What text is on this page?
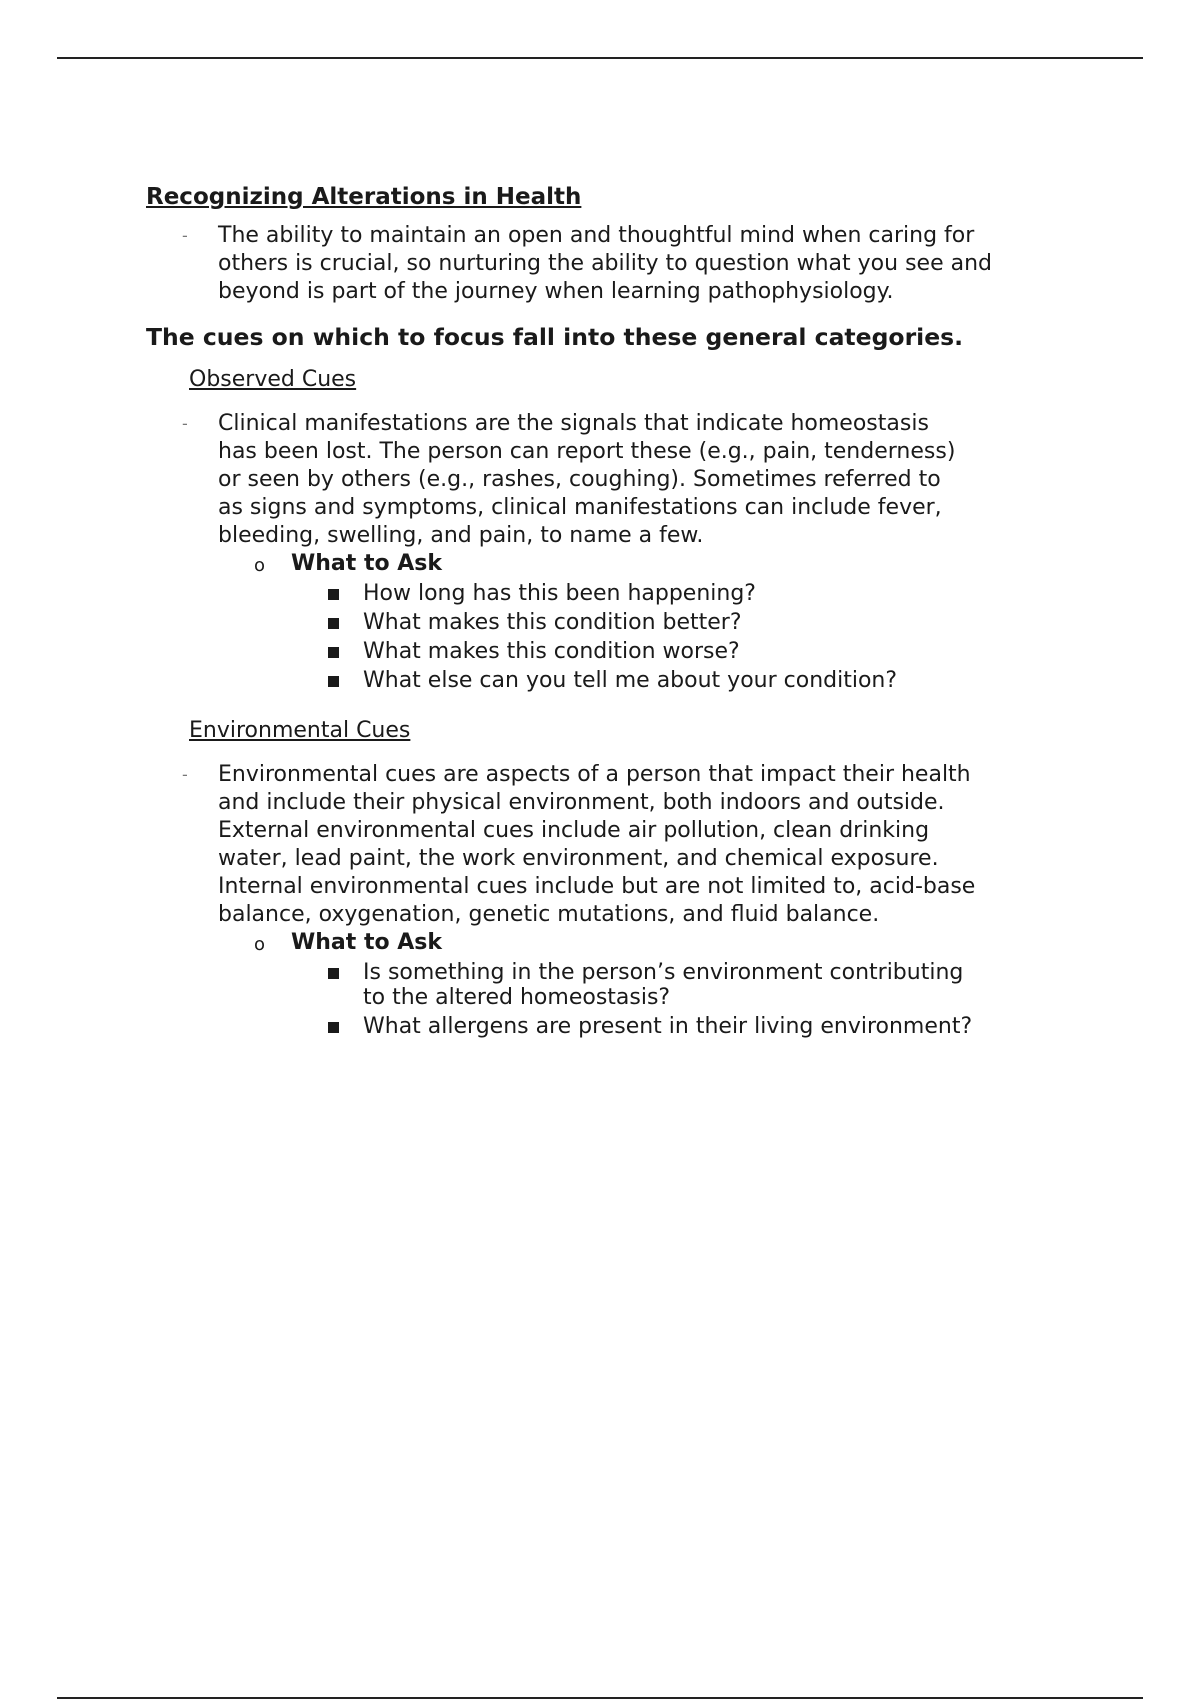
Recognizing Alterations in Health
- The ability to maintain an open and thoughtful mind when caring for
others is crucial, so nurturing the ability to question what you see and
beyond is part of the journey when learning pathophysiology.
The cues on which to focus fall into these general categories.
Observed Cues
- Clinical manifestations are the signals that indicate homeostasis
has been lost. The person can report these (e.g., pain, tenderness)
or seen by others (e.g., rashes, coughing). Sometimes referred to
as signs and symptoms, clinical manifestations can include fever,
bleeding, swelling, and pain, to name a few.
o What to Ask
How long has this been happening?
What makes this condition better?
What makes this condition worse?
What else can you tell me about your condition?
Environmental Cues
- Environmental cues are aspects of a person that impact their health
and include their physical environment, both indoors and outside.
External environmental cues include air pollution, clean drinking
water, lead paint, the work environment, and chemical exposure.
Internal environmental cues include but are not limited to, acid-base
balance, oxygenation, genetic mutations, and fluid balance.
o What to Ask
Is something in the person’s environment contributing
to the altered homeostasis?
What allergens are present in their living environment?
